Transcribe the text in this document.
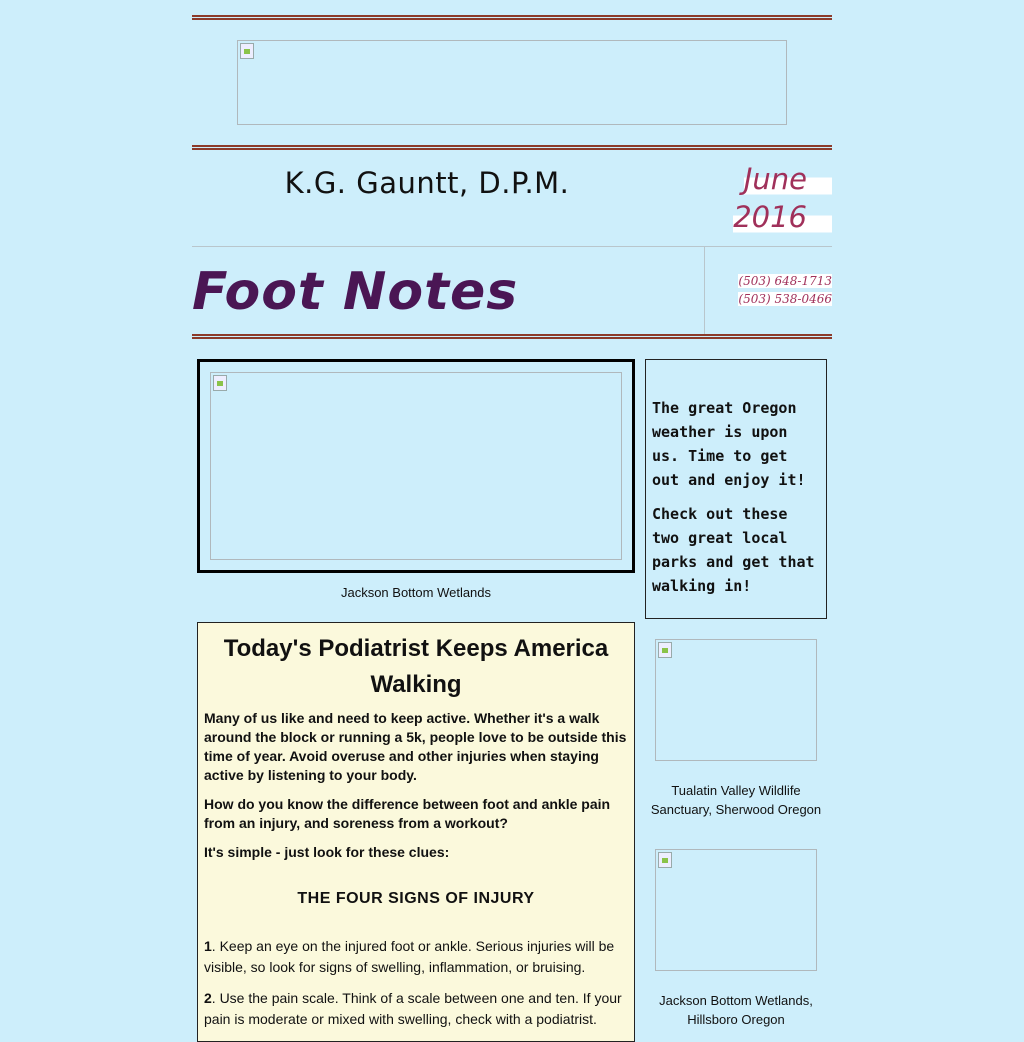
K.G. Gauntt, D.P.M.	June
2016
Foot Notes	(503) 648-1713
(503) 538-0466
Jackson Bottom Wetlands

The great Oregon weather is upon us. Time to get out and enjoy it!

Check out these two great local parks and get that walking in!

Tualatin Valley Wildlife Sanctuary, Sherwood Oregon
Jackson Bottom Wetlands, Hillsboro Oregon
Today's Podiatrist Keeps America Walking

Many of us like and need to keep active. Whether it's a walk around the block or running a 5k, people love to be outside this time of year. Avoid overuse and other injuries when staying active by listening to your body.

How do you know the difference between foot and ankle pain from an injury, and soreness from a workout?

It's simple - just look for these clues:

THE FOUR SIGNS OF INJURY

1. Keep an eye on the injured foot or ankle. Serious injuries will be visible, so look for signs of swelling, inflammation, or bruising.

2. Use the pain scale. Think of a scale between one and ten. If your pain is moderate or mixed with swelling, check with a podiatrist.
